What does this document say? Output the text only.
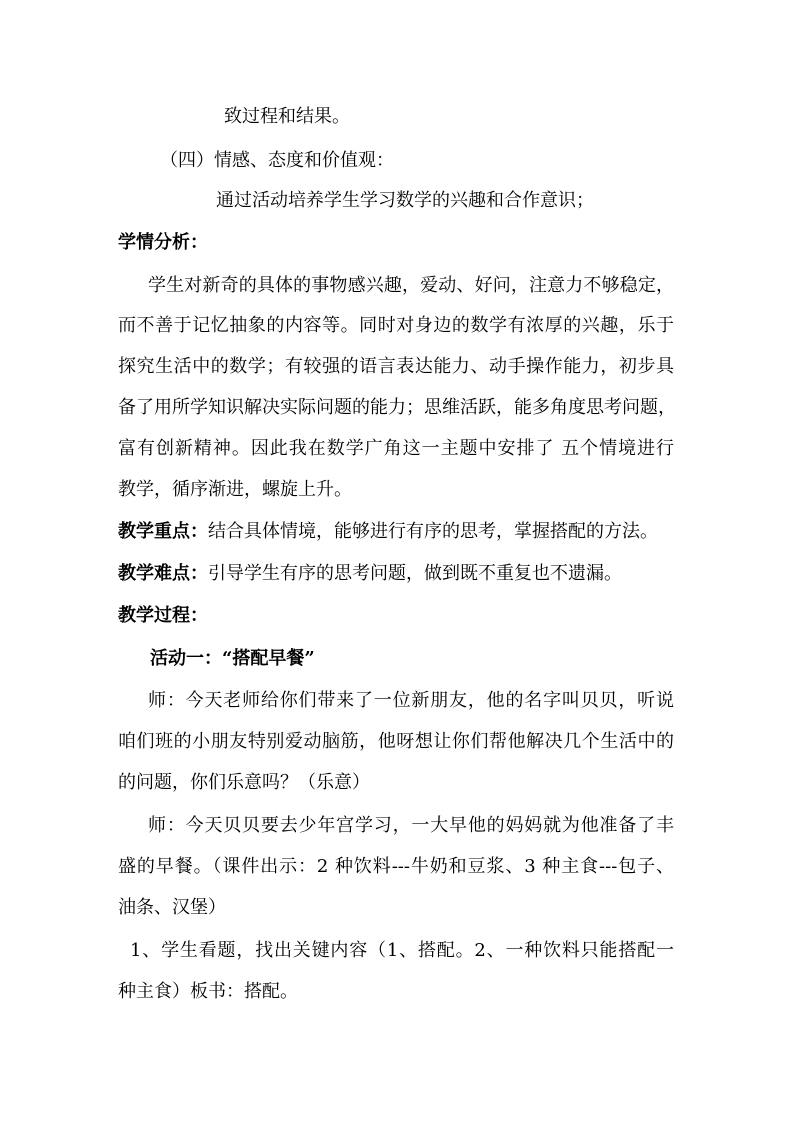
致过程和结果。
（四）情感、态度和价值观：
通过活动培养学生学习数学的兴趣和合作意识；
学情分析：
学生对新奇的具体的事物感兴趣，爱动、好问，注意力不够稳定，
而不善于记忆抽象的内容等。同时对身边的数学有浓厚的兴趣，乐于
探究生活中的数学；有较强的语言表达能力、动手操作能力，初步具
备了用所学知识解决实际问题的能力；思维活跃，能多角度思考问题，
富有创新精神。因此我在数学广角这一主题中安排了 五个情境进行
教学，循序渐进，螺旋上升。
教学重点：结合具体情境，能够进行有序的思考，掌握搭配的方法。
教学难点：引导学生有序的思考问题，做到既不重复也不遗漏。
教学过程：
活动一：“搭配早餐”
师：今天老师给你们带来了一位新朋友，他的名字叫贝贝，听说
咱们班的小朋友特别爱动脑筋，他呀想让你们帮他解决几个生活中的
的问题，你们乐意吗？（乐意）
师：今天贝贝要去少年宫学习，一大早他的妈妈就为他准备了丰
盛的早餐。（课件出示：2 种饮料---牛奶和豆浆、3 种主食---包子、
油条、汉堡）
1、学生看题，找出关键内容（1、搭配。2、一种饮料只能搭配一
种主食）板书：搭配。
